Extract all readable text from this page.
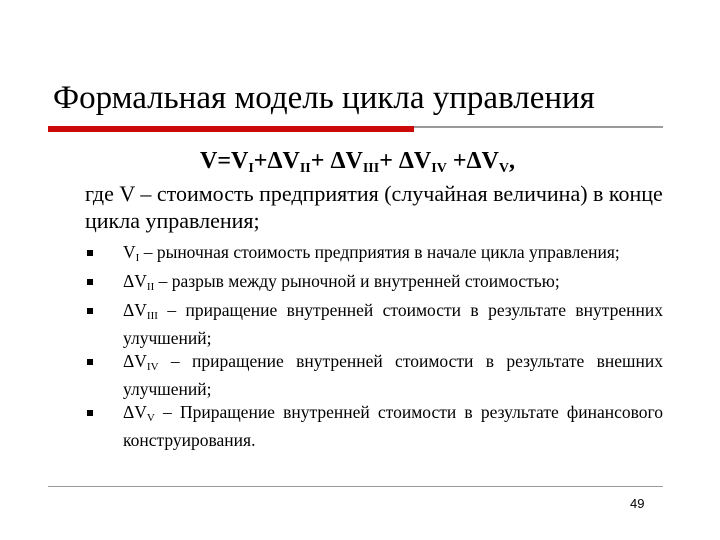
Формальная модель цикла управления
$V=V_I+\Delta V_{II}+ \Delta V_{III}+ \Delta V_{IV} +\Delta V_V$,
где V – стоимость предприятия (случайная величина) в конце цикла управления;
$V_I$ – рыночная стоимость предприятия в начале цикла управления;
$\Delta V_{II}$ – разрыв между рыночной и внутренней стоимостью;
$\Delta V_{III}$ – приращение внутренней стоимости в результате внутренних улучшений;
$\Delta V_{IV}$ – приращение внутренней стоимости в результате внешних улучшений;
$\Delta V_V$ – Приращение внутренней стоимости в результате финансового конструирования.
49
